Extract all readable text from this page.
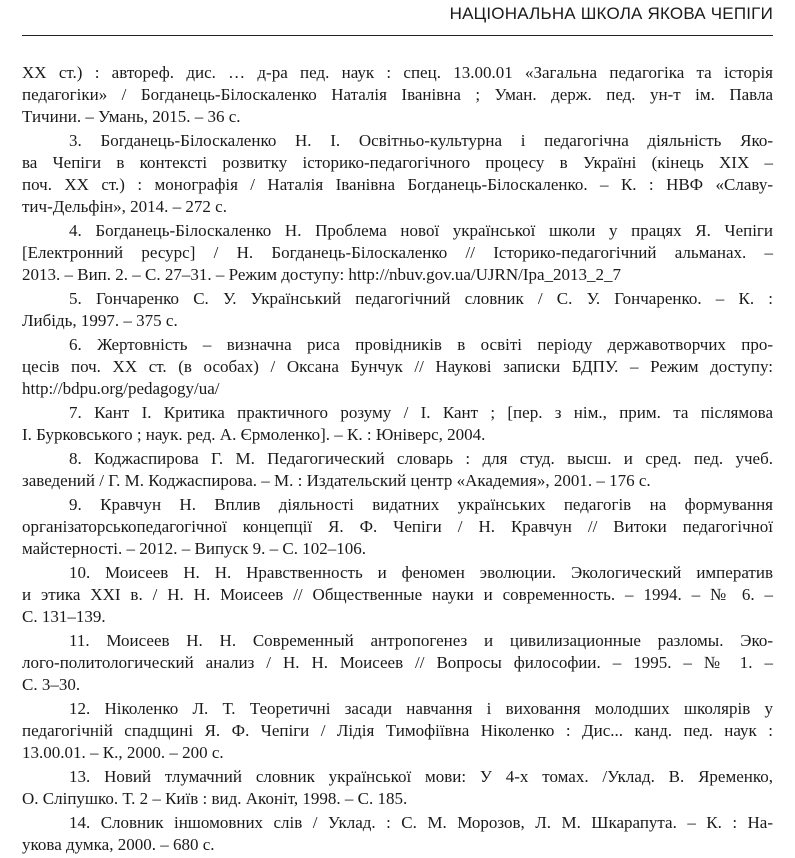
НАЦІОНАЛЬНА ШКОЛА ЯКОВА ЧЕПІГИ
XX ст.) : автореф. дис. … д-ра пед. наук : спец. 13.00.01 «Загальна педагогіка та історія
педагогіки» / Богданець-Білоскаленко Наталія Іванівна ; Уман. держ. пед. ун-т ім. Павла
Тичини. – Умань, 2015. – 36 с.
3. Богданець-Білоскаленко Н. І. Освітньо-культурна і педагогічна діяльність Яко-
ва Чепіги в контексті розвитку історико-педагогічного процесу в Україні (кінець ХІХ –
поч. ХХ ст.) : монографія / Наталія Іванівна Богданець-Білоскаленко. – К. : НВФ «Славу-
тич-Дельфін», 2014. – 272 с.
4. Богданець-Білоскаленко Н. Проблема нової української школи у працях Я. Чепіги
[Електронний ресурс] / Н. Богданець-Білоскаленко // Історико-педагогічний альманах. –
2013. – Вип. 2. – С. 27–31. – Режим доступу: http://nbuv.gov.ua/UJRN/Ipa_2013_2_7
5. Гончаренко С. У. Український педагогічний словник / С. У. Гончаренко. – К. :
Либідь, 1997. – 375 с.
6. Жертовність – визначна риса провідників в освіті періоду державотворчих про-
цесів поч. ХХ ст. (в особах) / Оксана Бунчук // Наукові записки БДПУ. – Режим доступу:
http://bdpu.org/pedagogy/ua/
7. Кант І. Критика практичного розуму / І. Кант ; [пер. з нім., прим. та післямова
І. Бурковського ; наук. ред. А. Єрмоленко]. – К. : Юніверс, 2004.
8. Коджаспирова Г. М. Педагогический словарь : для студ. высш. и сред. пед. учеб.
заведений / Г. М. Коджаспирова. – М. : Издательский центр «Академия», 2001. – 176 с.
9. Кравчун Н. Вплив діяльності видатних українських педагогів на формування
організаторськопедагогічної концепції Я. Ф. Чепіги / Н. Кравчун // Витоки педагогічної
майстерності. – 2012. – Випуск 9. – С. 102–106.
10. Моисеев Н. Н. Нравственность и феномен эволюции. Экологический императив
и этика XXI в. / Н. Н. Моисеев // Общественные науки и современность. – 1994. – № 6. –
С. 131–139.
11. Моисеев Н. Н. Современный антропогенез и цивилизационные разломы. Эко-
лого-политологический анализ / Н. Н. Моисеев // Вопросы философии. – 1995. – № 1. –
С. 3–30.
12. Ніколенко Л. Т. Теоретичні засади навчання і виховання молодших школярів у
педагогічній спадщині Я. Ф. Чепіги / Лідія Тимофіївна Ніколенко : Дис... канд. пед. наук :
13.00.01. – К., 2000. – 200 с.
13. Новий тлумачний словник української мови: У 4-х томах. /Уклад. В. Яременко,
О. Сліпушко. Т. 2 – Київ : вид. Аконіт, 1998. – С. 185.
14. Словник іншомовних слів / Уклад. : С. М. Морозов, Л. М. Шкарапута. – К. : На-
укова думка, 2000. – 680 с.
